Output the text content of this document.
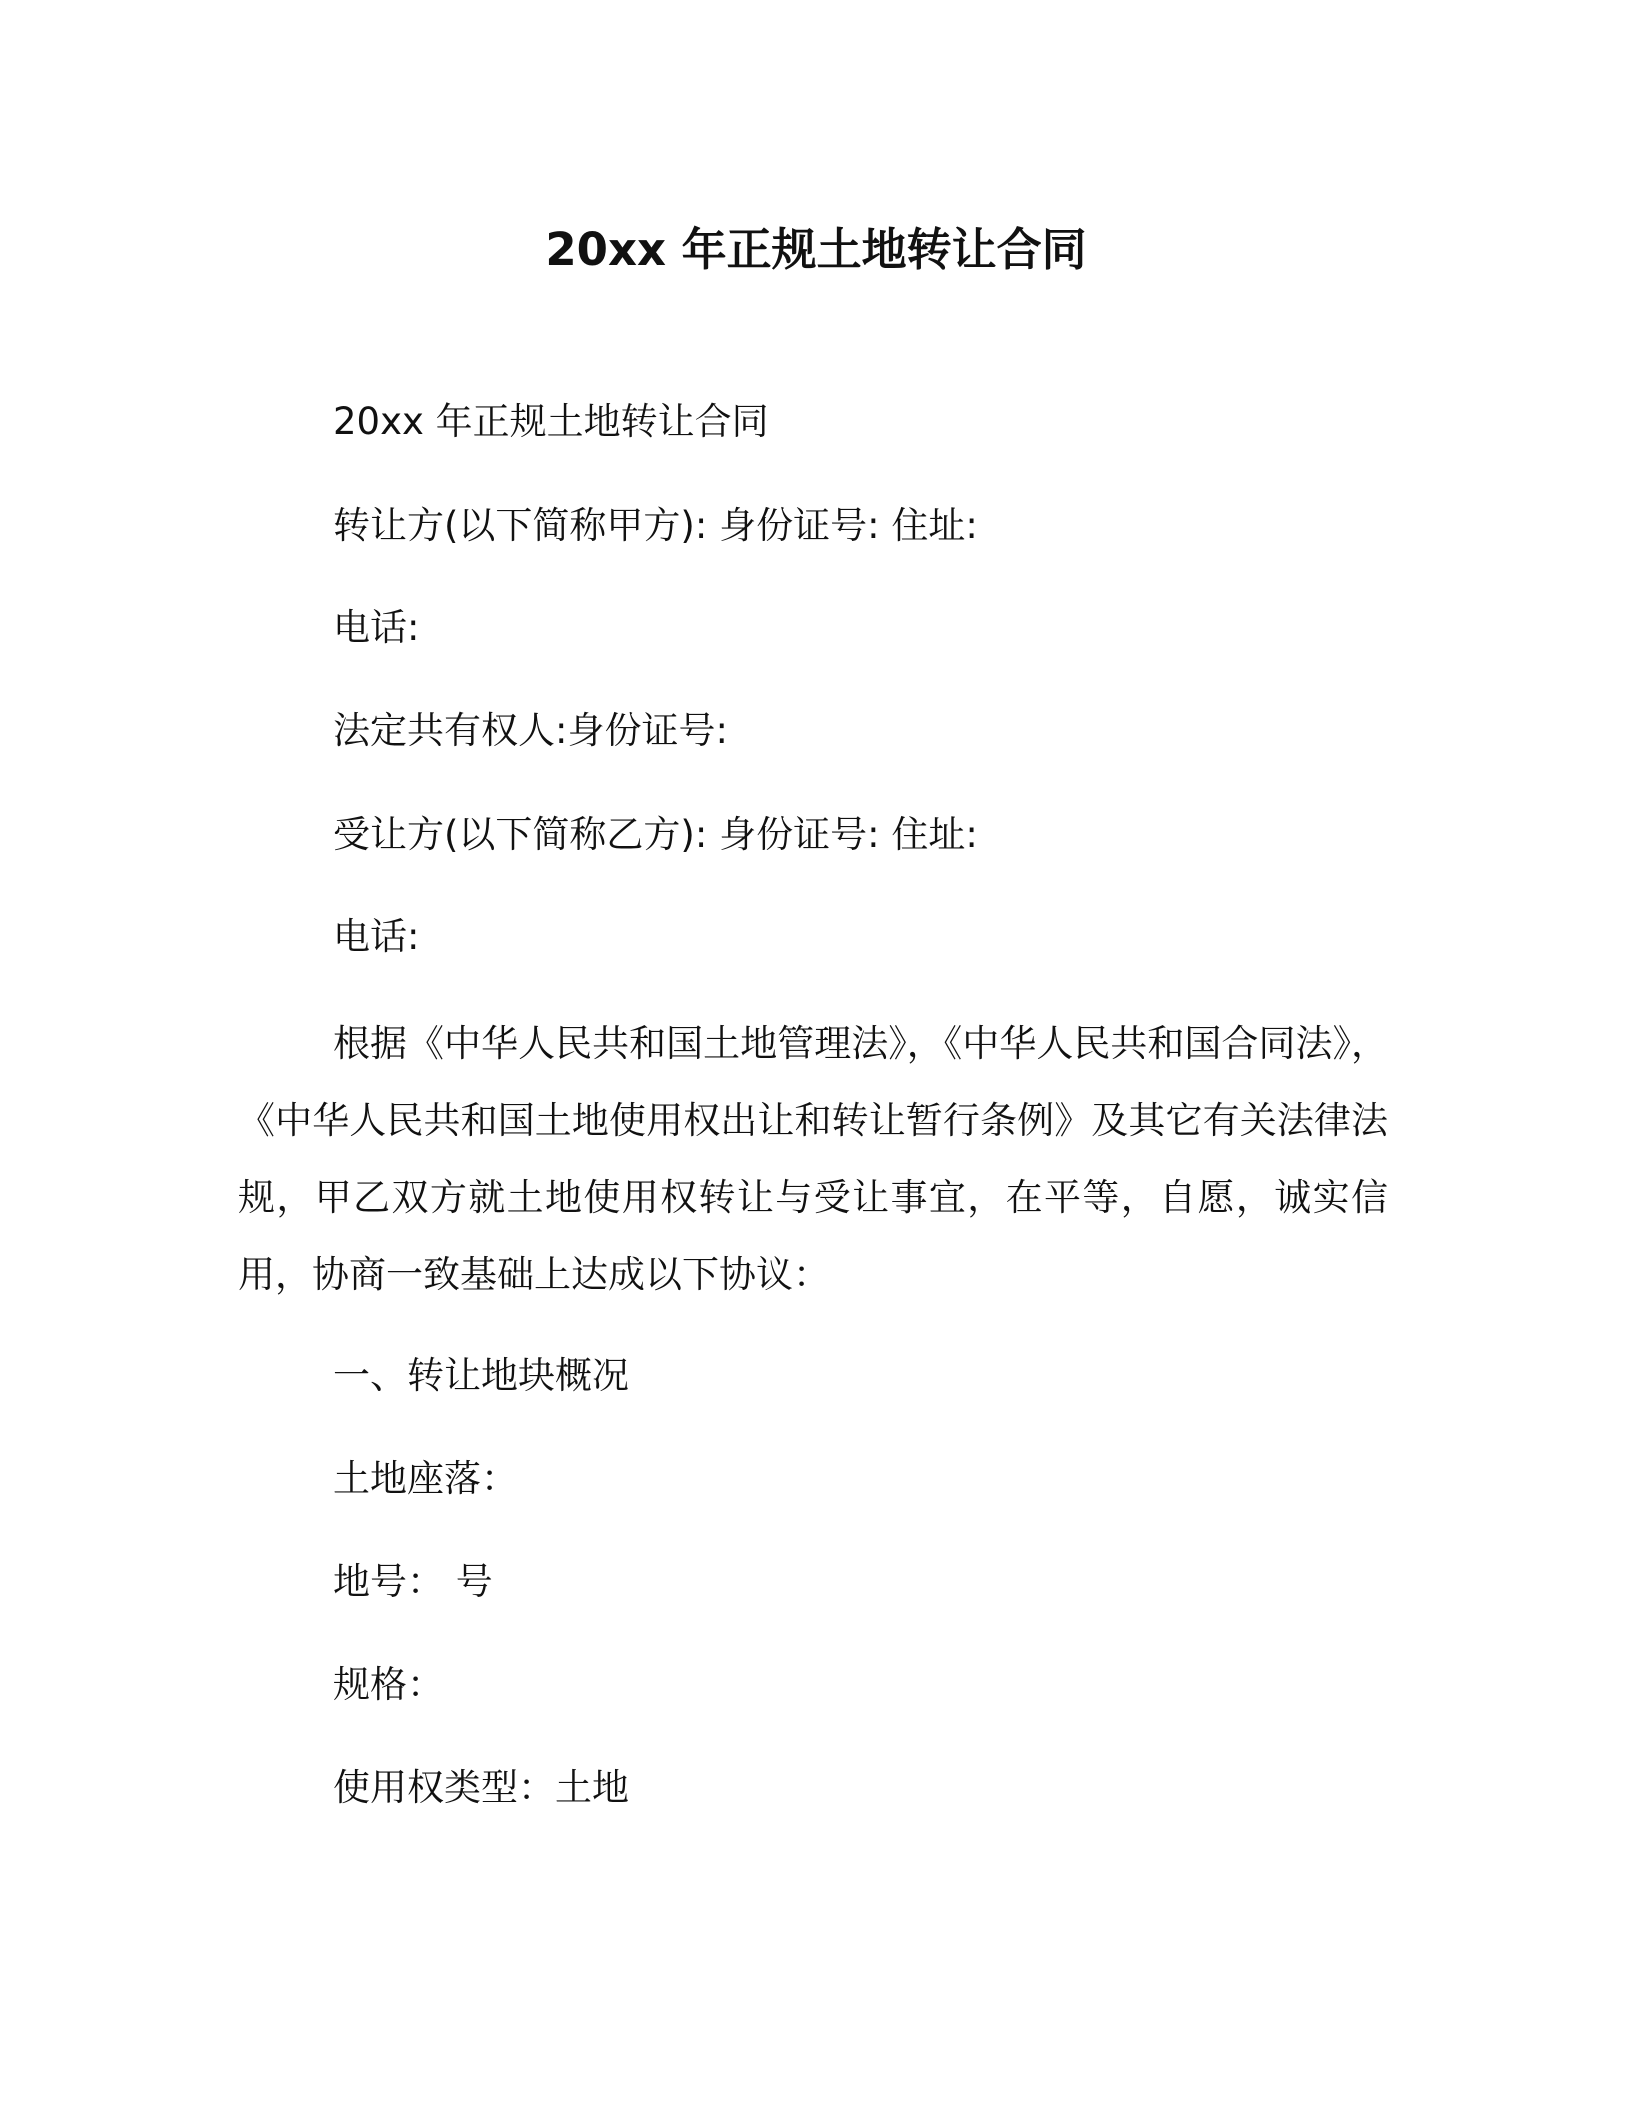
20xx 年正规土地转让合同
20xx 年正规土地转让合同
转让方(以下简称甲方): 身份证号: 住址:
电话:
法定共有权人:身份证号:
受让方(以下简称乙方): 身份证号: 住址:
电话:

根据《中华人民共和国土地管理法》，《中华人民共和国合同法》，《中华人民共和国土地使用权出让和转让暂行条例》及其它有关法律法规，甲乙双方就土地使用权转让与受让事宜，在平等，自愿，诚实信用，协商一致基础上达成以下协议：

一、转让地块概况
土地座落：
地号： 号
规格：
使用权类型：土地
